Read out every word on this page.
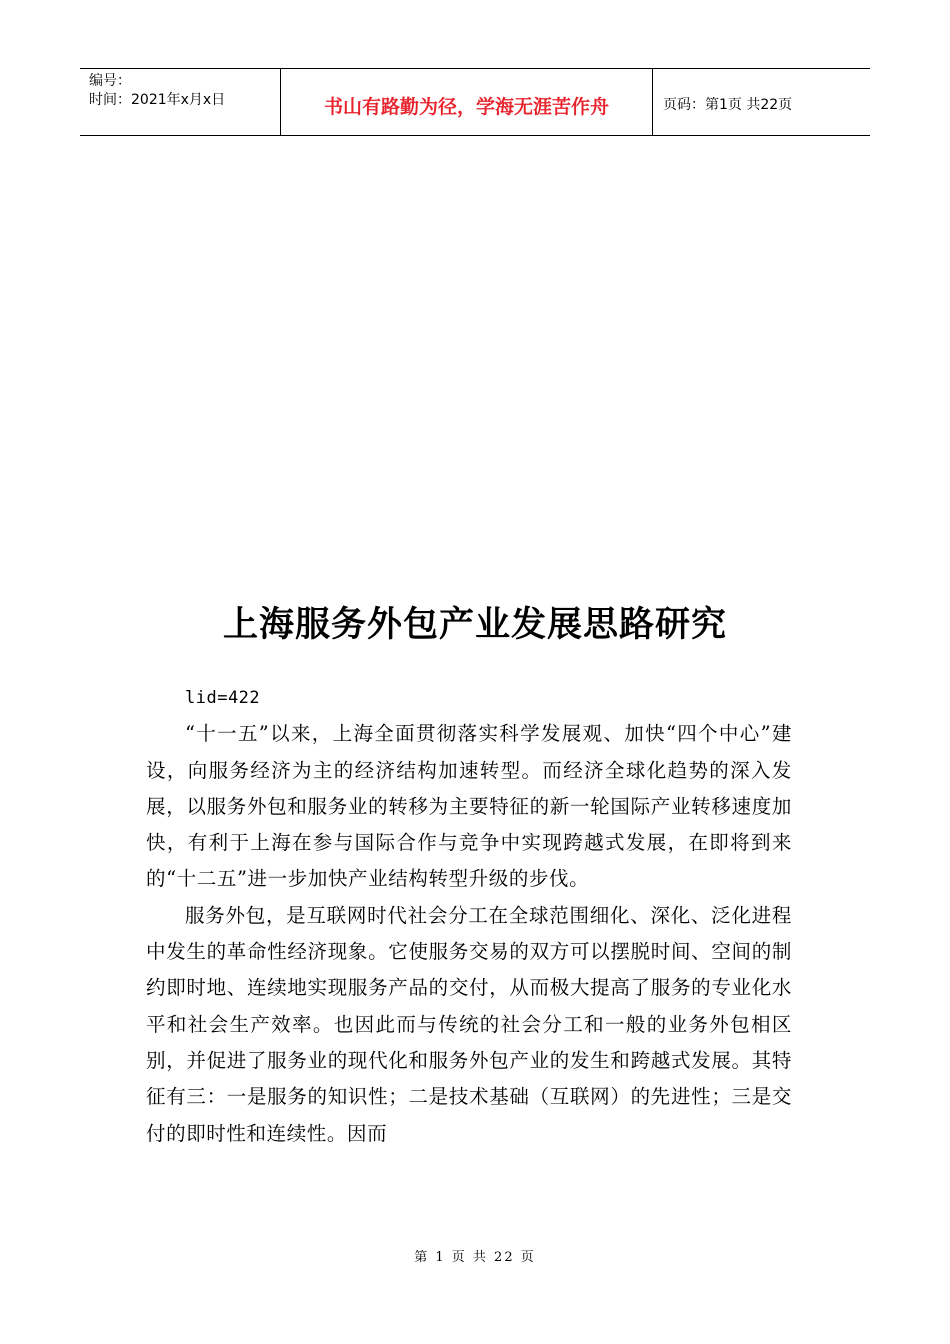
编号：
时间：2021年x月x日	书山有路勤为径，学海无涯苦作舟	页码：第1页 共22页
上海服务外包产业发展思路研究

lid=422

“十一五”以来，上海全面贯彻落实科学发展观、加快“四个中心”建设，向服务经济为主的经济结构加速转型。而经济全球化趋势的深入发展，以服务外包和服务业的转移为主要特征的新一轮国际产业转移速度加快，有利于上海在参与国际合作与竞争中实现跨越式发展，在即将到来的“十二五”进一步加快产业结构转型升级的步伐。

服务外包，是互联网时代社会分工在全球范围细化、深化、泛化进程中发生的革命性经济现象。它使服务交易的双方可以摆脱时间、空间的制约即时地、连续地实现服务产品的交付，从而极大提高了服务的专业化水平和社会生产效率。也因此而与传统的社会分工和一般的业务外包相区别，并促进了服务业的现代化和服务外包产业的发生和跨越式发展。其特征有三：一是服务的知识性；二是技术基础（互联网）的先进性；三是交付的即时性和连续性。因而

第 1 页 共 22 页
